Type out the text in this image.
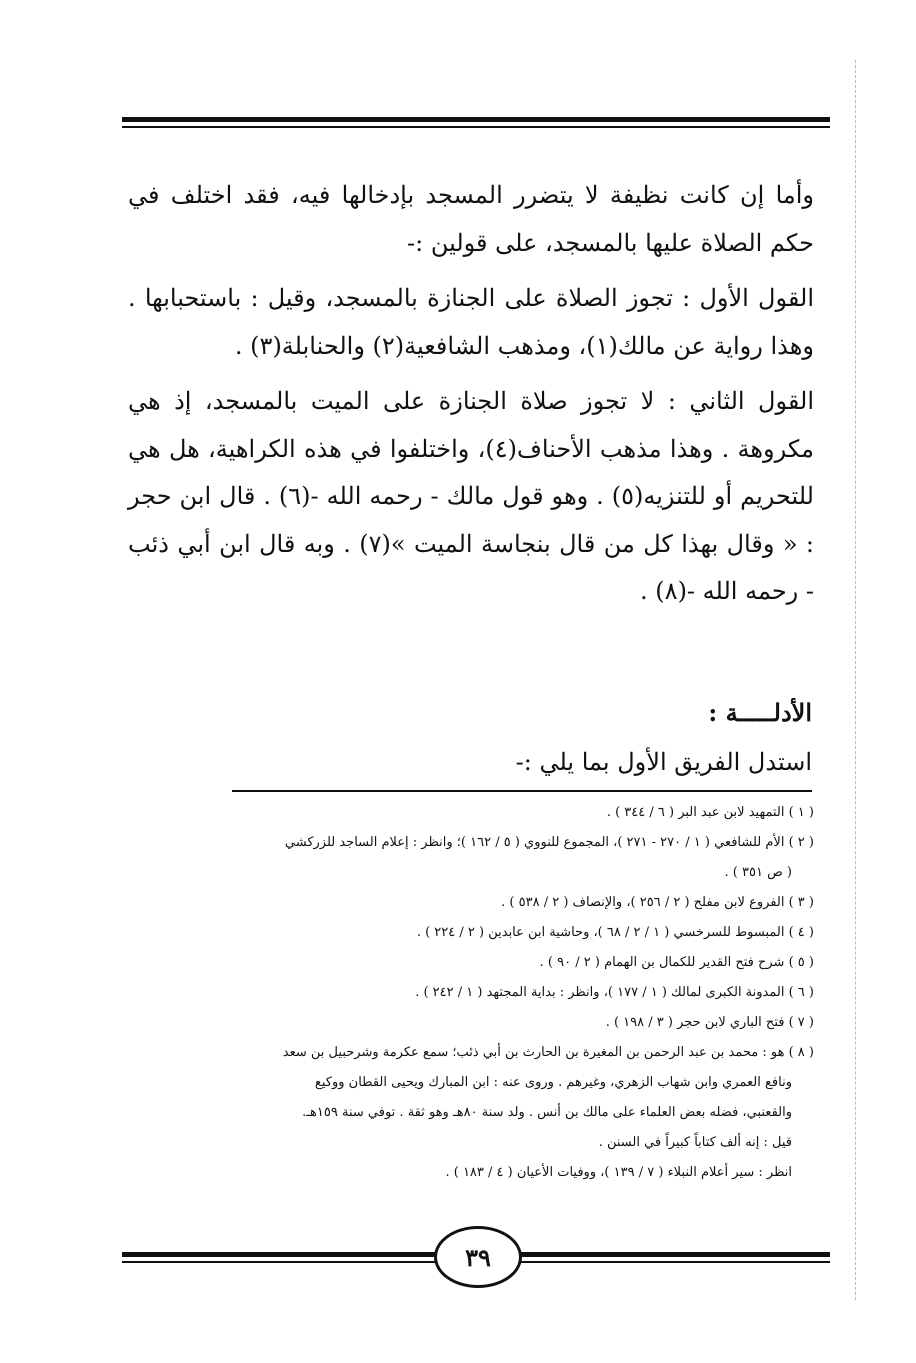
وأما إن كانت نظيفة لا يتضرر المسجد بإدخالها فيه، فقد اختلف في حكم الصلاة عليها بالمسجد، على قولين :-

القول الأول : تجوز الصلاة على الجنازة بالمسجد، وقيل : باستحبابها . وهذا رواية عن مالك(١)، ومذهب الشافعية(٢) والحنابلة(٣) .

القول الثاني : لا تجوز صلاة الجنازة على الميت بالمسجد، إذ هي مكروهة . وهذا مذهب الأحناف(٤)، واختلفوا في هذه الكراهية، هل هي للتحريم أو للتنزيه(٥) . وهو قول مالك - رحمه الله -(٦) . قال ابن حجر : « وقال بهذا كل من قال بنجاسة الميت »(٧) . وبه قال ابن أبي ذئب - رحمه الله -(٨) .

الأدلـــــة :
استدل الفريق الأول بما يلي :-

( ١ ) التمهيد لابن عبد البر ( ٦ / ٣٤٤ ) .

( ٢ ) الأم للشافعي ( ١ / ٢٧٠ - ٢٧١ )، المجموع للنووي ( ٥ / ١٦٢ )؛ وانظر : إعلام الساجد للزركشي

( ص ٣٥١ ) .

( ٣ ) الفروع لابن مفلح ( ٢ / ٢٥٦ )، والإنصاف ( ٢ / ٥٣٨ ) .

( ٤ ) المبسوط للسرخسي ( ١ / ٢ / ٦٨ )، وحاشية ابن عابدين ( ٢ / ٢٢٤ ) .

( ٥ ) شرح فتح القدير للكمال بن الهمام ( ٢ / ٩٠ ) .

( ٦ ) المدونة الكبرى لمالك ( ١ / ١٧٧ )، وانظر : بداية المجتهد ( ١ / ٢٤٢ ) .

( ٧ ) فتح الباري لابن حجر ( ٣ / ١٩٨ ) .

( ٨ ) هو : محمد بن عبد الرحمن بن المغيرة بن الحارث بن أبي ذئب؛ سمع عكرمة وشرحبيل بن سعد

ونافع العمري وابن شهاب الزهري، وغيرهم . وروى عنه : ابن المبارك ويحيى القطان ووكيع

والقعنبي، فضله بعض العلماء على مالك بن أنس . ولد سنة ٨٠هـ وهو ثقة . توفي سنة ١٥٩هـ.

قيل : إنه ألف كتاباً كبيراً في السنن .

انظر : سير أعلام النبلاء ( ٧ / ١٣٩ )، ووفيات الأعيان ( ٤ / ١٨٣ ) .

٣٩
